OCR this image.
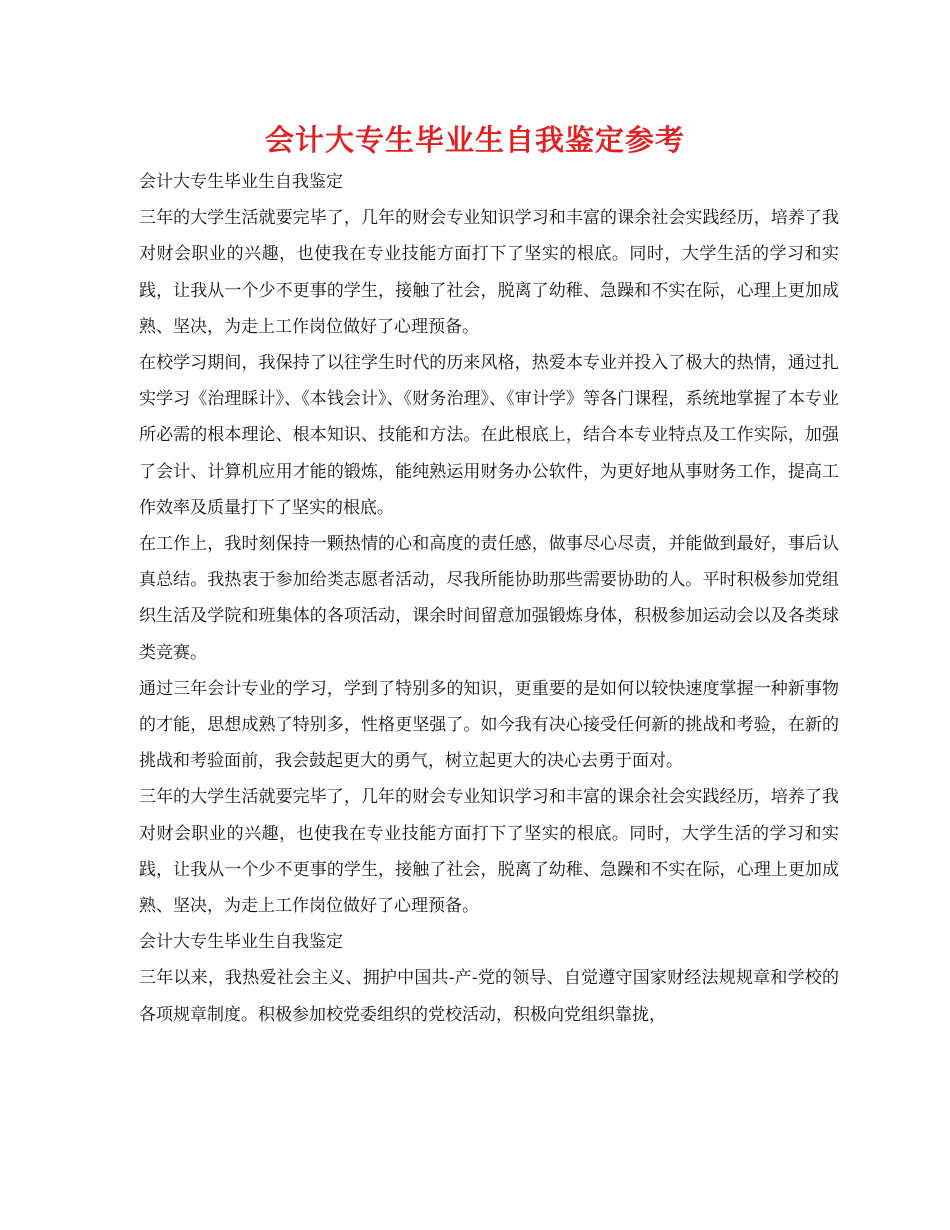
会计大专生毕业生自我鉴定参考

会计大专生毕业生自我鉴定

三年的大学生活就要完毕了，几年的财会专业知识学习和丰富的课余社会实践经历，培养了我对财会职业的兴趣，也使我在专业技能方面打下了坚实的根底。同时，大学生活的学习和实践，让我从一个少不更事的学生，接触了社会，脱离了幼稚、急躁和不实在际，心理上更加成熟、坚决，为走上工作岗位做好了心理预备。

在校学习期间，我保持了以往学生时代的历来风格，热爱本专业并投入了极大的热情，通过扎实学习《治理睬计》、《本钱会计》、《财务治理》、《审计学》等各门课程，系统地掌握了本专业所必需的根本理论、根本知识、技能和方法。在此根底上，结合本专业特点及工作实际，加强了会计、计算机应用才能的锻炼，能纯熟运用财务办公软件，为更好地从事财务工作，提高工作效率及质量打下了坚实的根底。

在工作上，我时刻保持一颗热情的心和高度的责任感，做事尽心尽责，并能做到最好，事后认真总结。我热衷于参加给类志愿者活动，尽我所能协助那些需要协助的人。平时积极参加党组织生活及学院和班集体的各项活动，课余时间留意加强锻炼身体，积极参加运动会以及各类球类竞赛。

通过三年会计专业的学习，学到了特别多的知识，更重要的是如何以较快速度掌握一种新事物的才能，思想成熟了特别多，性格更坚强了。如今我有决心接受任何新的挑战和考验，在新的挑战和考验面前，我会鼓起更大的勇气，树立起更大的决心去勇于面对。

三年的大学生活就要完毕了，几年的财会专业知识学习和丰富的课余社会实践经历，培养了我对财会职业的兴趣，也使我在专业技能方面打下了坚实的根底。同时，大学生活的学习和实践，让我从一个少不更事的学生，接触了社会，脱离了幼稚、急躁和不实在际，心理上更加成熟、坚决，为走上工作岗位做好了心理预备。

会计大专生毕业生自我鉴定

三年以来，我热爱社会主义、拥护中国共-产-党的领导、自觉遵守国家财经法规规章和学校的各项规章制度。积极参加校党委组织的党校活动，积极向党组织靠拢，
